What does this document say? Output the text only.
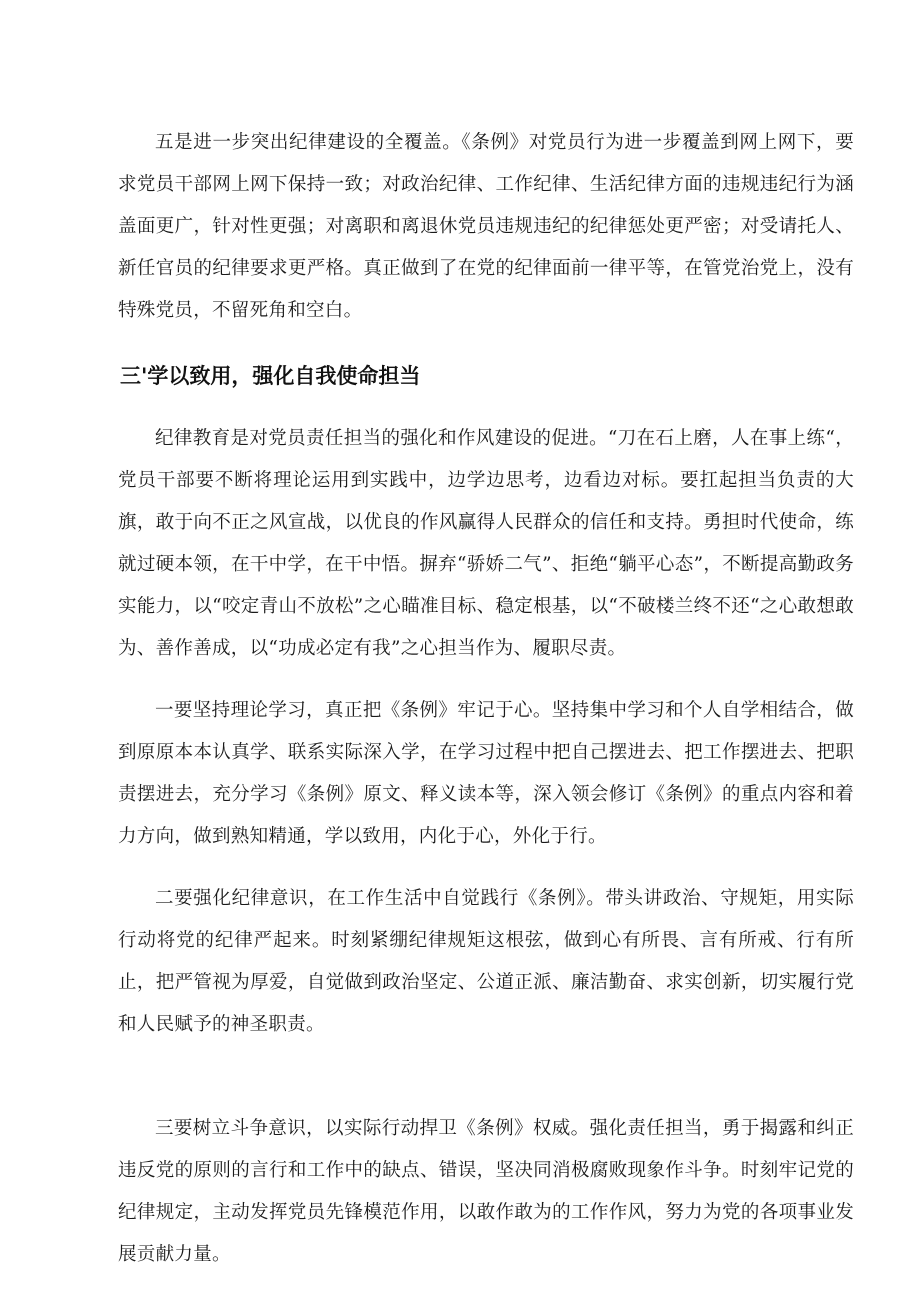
五是进一步突出纪律建设的全覆盖。《条例》对党员行为进一步覆盖到网上网下，要求党员干部网上网下保持一致；对政治纪律、工作纪律、生活纪律方面的违规违纪行为涵盖面更广，针对性更强；对离职和离退休党员违规违纪的纪律惩处更严密；对受请托人、新任官员的纪律要求更严格。真正做到了在党的纪律面前一律平等，在管党治党上，没有特殊党员，不留死角和空白。

三'学以致用，强化自我使命担当

纪律教育是对党员责任担当的强化和作风建设的促进。“刀在石上磨，人在事上练“，党员干部要不断将理论运用到实践中，边学边思考，边看边对标。要扛起担当负责的大旗，敢于向不正之风宣战，以优良的作风赢得人民群众的信任和支持。勇担时代使命，练就过硬本领，在干中学，在干中悟。摒弃“骄娇二气”、拒绝“躺平心态”，不断提高勤政务实能力，以“咬定青山不放松”之心瞄准目标、稳定根基，以“不破楼兰终不还“之心敢想敢为、善作善成，以“功成必定有我”之心担当作为、履职尽责。

一要坚持理论学习，真正把《条例》牢记于心。坚持集中学习和个人自学相结合，做到原原本本认真学、联系实际深入学，在学习过程中把自己摆进去、把工作摆进去、把职责摆进去，充分学习《条例》原文、释义读本等，深入领会修订《条例》的重点内容和着力方向，做到熟知精通，学以致用，内化于心，外化于行。

二要强化纪律意识，在工作生活中自觉践行《条例》。带头讲政治、守规矩，用实际行动将党的纪律严起来。时刻紧绷纪律规矩这根弦，做到心有所畏、言有所戒、行有所止，把严管视为厚爱，自觉做到政治坚定、公道正派、廉洁勤奋、求实创新，切实履行党和人民赋予的神圣职责。

三要树立斗争意识，以实际行动捍卫《条例》权威。强化责任担当，勇于揭露和纠正违反党的原则的言行和工作中的缺点、错误，坚决同消极腐败现象作斗争。时刻牢记党的纪律规定，主动发挥党员先锋模范作用，以敢作敢为的工作作风，努力为党的各项事业发展贡献力量。
